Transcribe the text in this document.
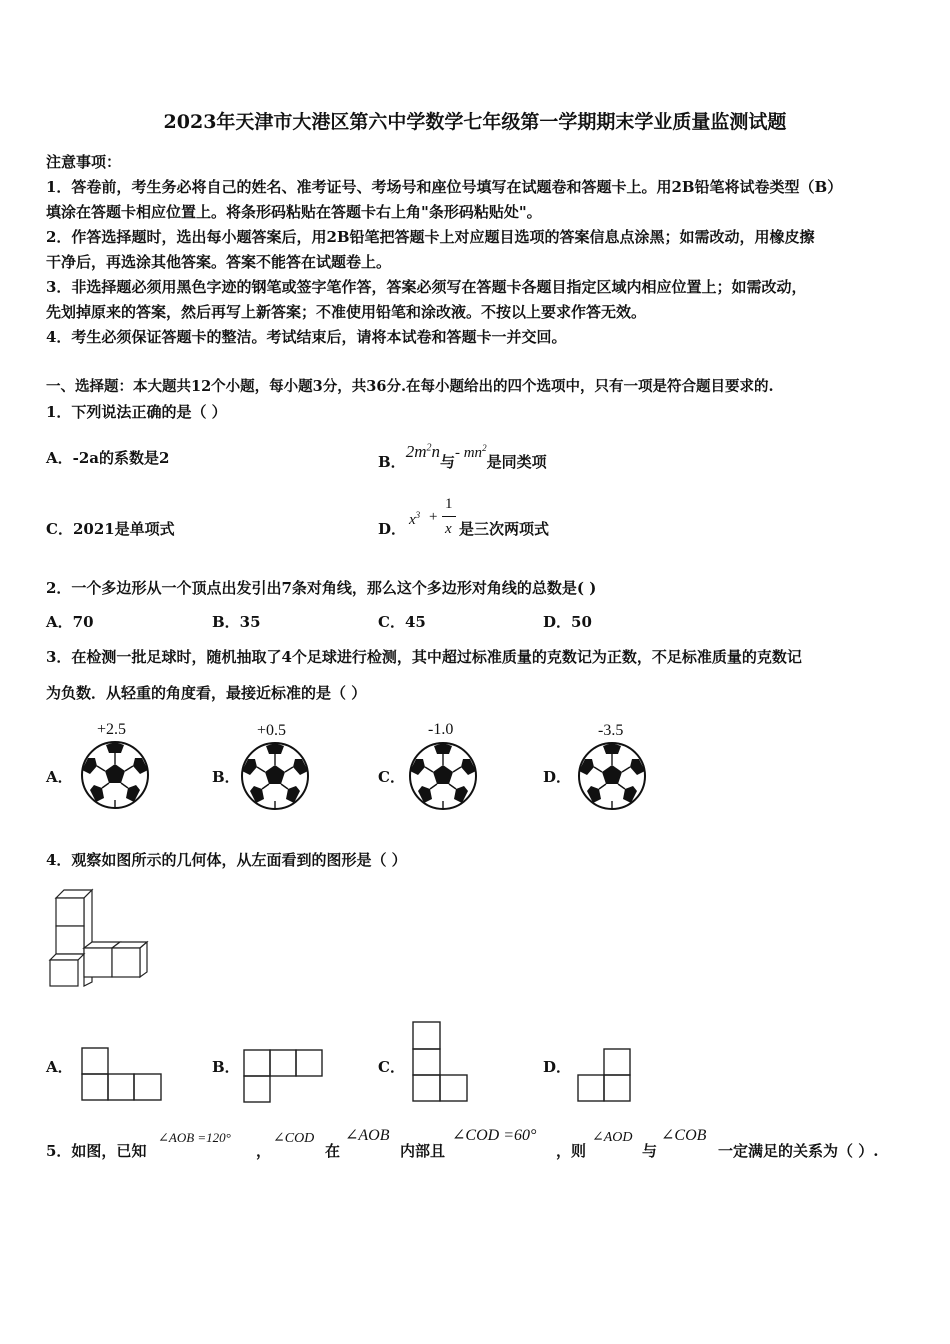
2023年天津市大港区第六中学数学七年级第一学期期末学业质量监测试题
注意事项：
1．答卷前，考生务必将自己的姓名、准考证号、考场号和座位号填写在试题卷和答题卡上。用2B铅笔将试卷类型（B）
填涂在答题卡相应位置上。将条形码粘贴在答题卡右上角"条形码粘贴处"。
2．作答选择题时，选出每小题答案后，用2B铅笔把答题卡上对应题目选项的答案信息点涂黑；如需改动，用橡皮擦
干净后，再选涂其他答案。答案不能答在试题卷上。
3．非选择题必须用黑色字迹的钢笔或签字笔作答，答案必须写在答题卡各题目指定区域内相应位置上；如需改动，
先划掉原来的答案，然后再写上新答案；不准使用铅笔和涂改液。不按以上要求作答无效。
4．考生必须保证答题卡的整洁。考试结束后，请将本试卷和答题卡一并交回。
一、选择题：本大题共12个小题，每小题3分，共36分.在每小题给出的四个选项中，只有一项是符合题目要求的.
1．下列说法正确的是（ ）
A．-2a的系数是2	B．$2m^2n$与- $mn^2$是同类项
C．2021是单项式	D． $x^3$ +
1
x 是三次两项式
2．一个多边形从一个顶点出发引出7条对角线，那么这个多边形对角线的总数是( )
A．70	B．35	C．45	D．50
3．在检测一批足球时，随机抽取了4个足球进行检测，其中超过标准质量的克数记为正数，不足标准质量的克数记
为负数．从轻重的角度看，最接近标准的是（ ）
A．
+2.5
B．
+0.5
C．
-1.0
D．
-3.5
4．观察如图所示的几何体，从左面看到的图形是（ ）
A．	B．	C．	D．
5．如图，已知
∠AOB =120°
，
∠COD
在
∠AOB
内部且
∠COD =60°
，则
∠AOD
与
∠COB
一定满足的关系为（ ）.
